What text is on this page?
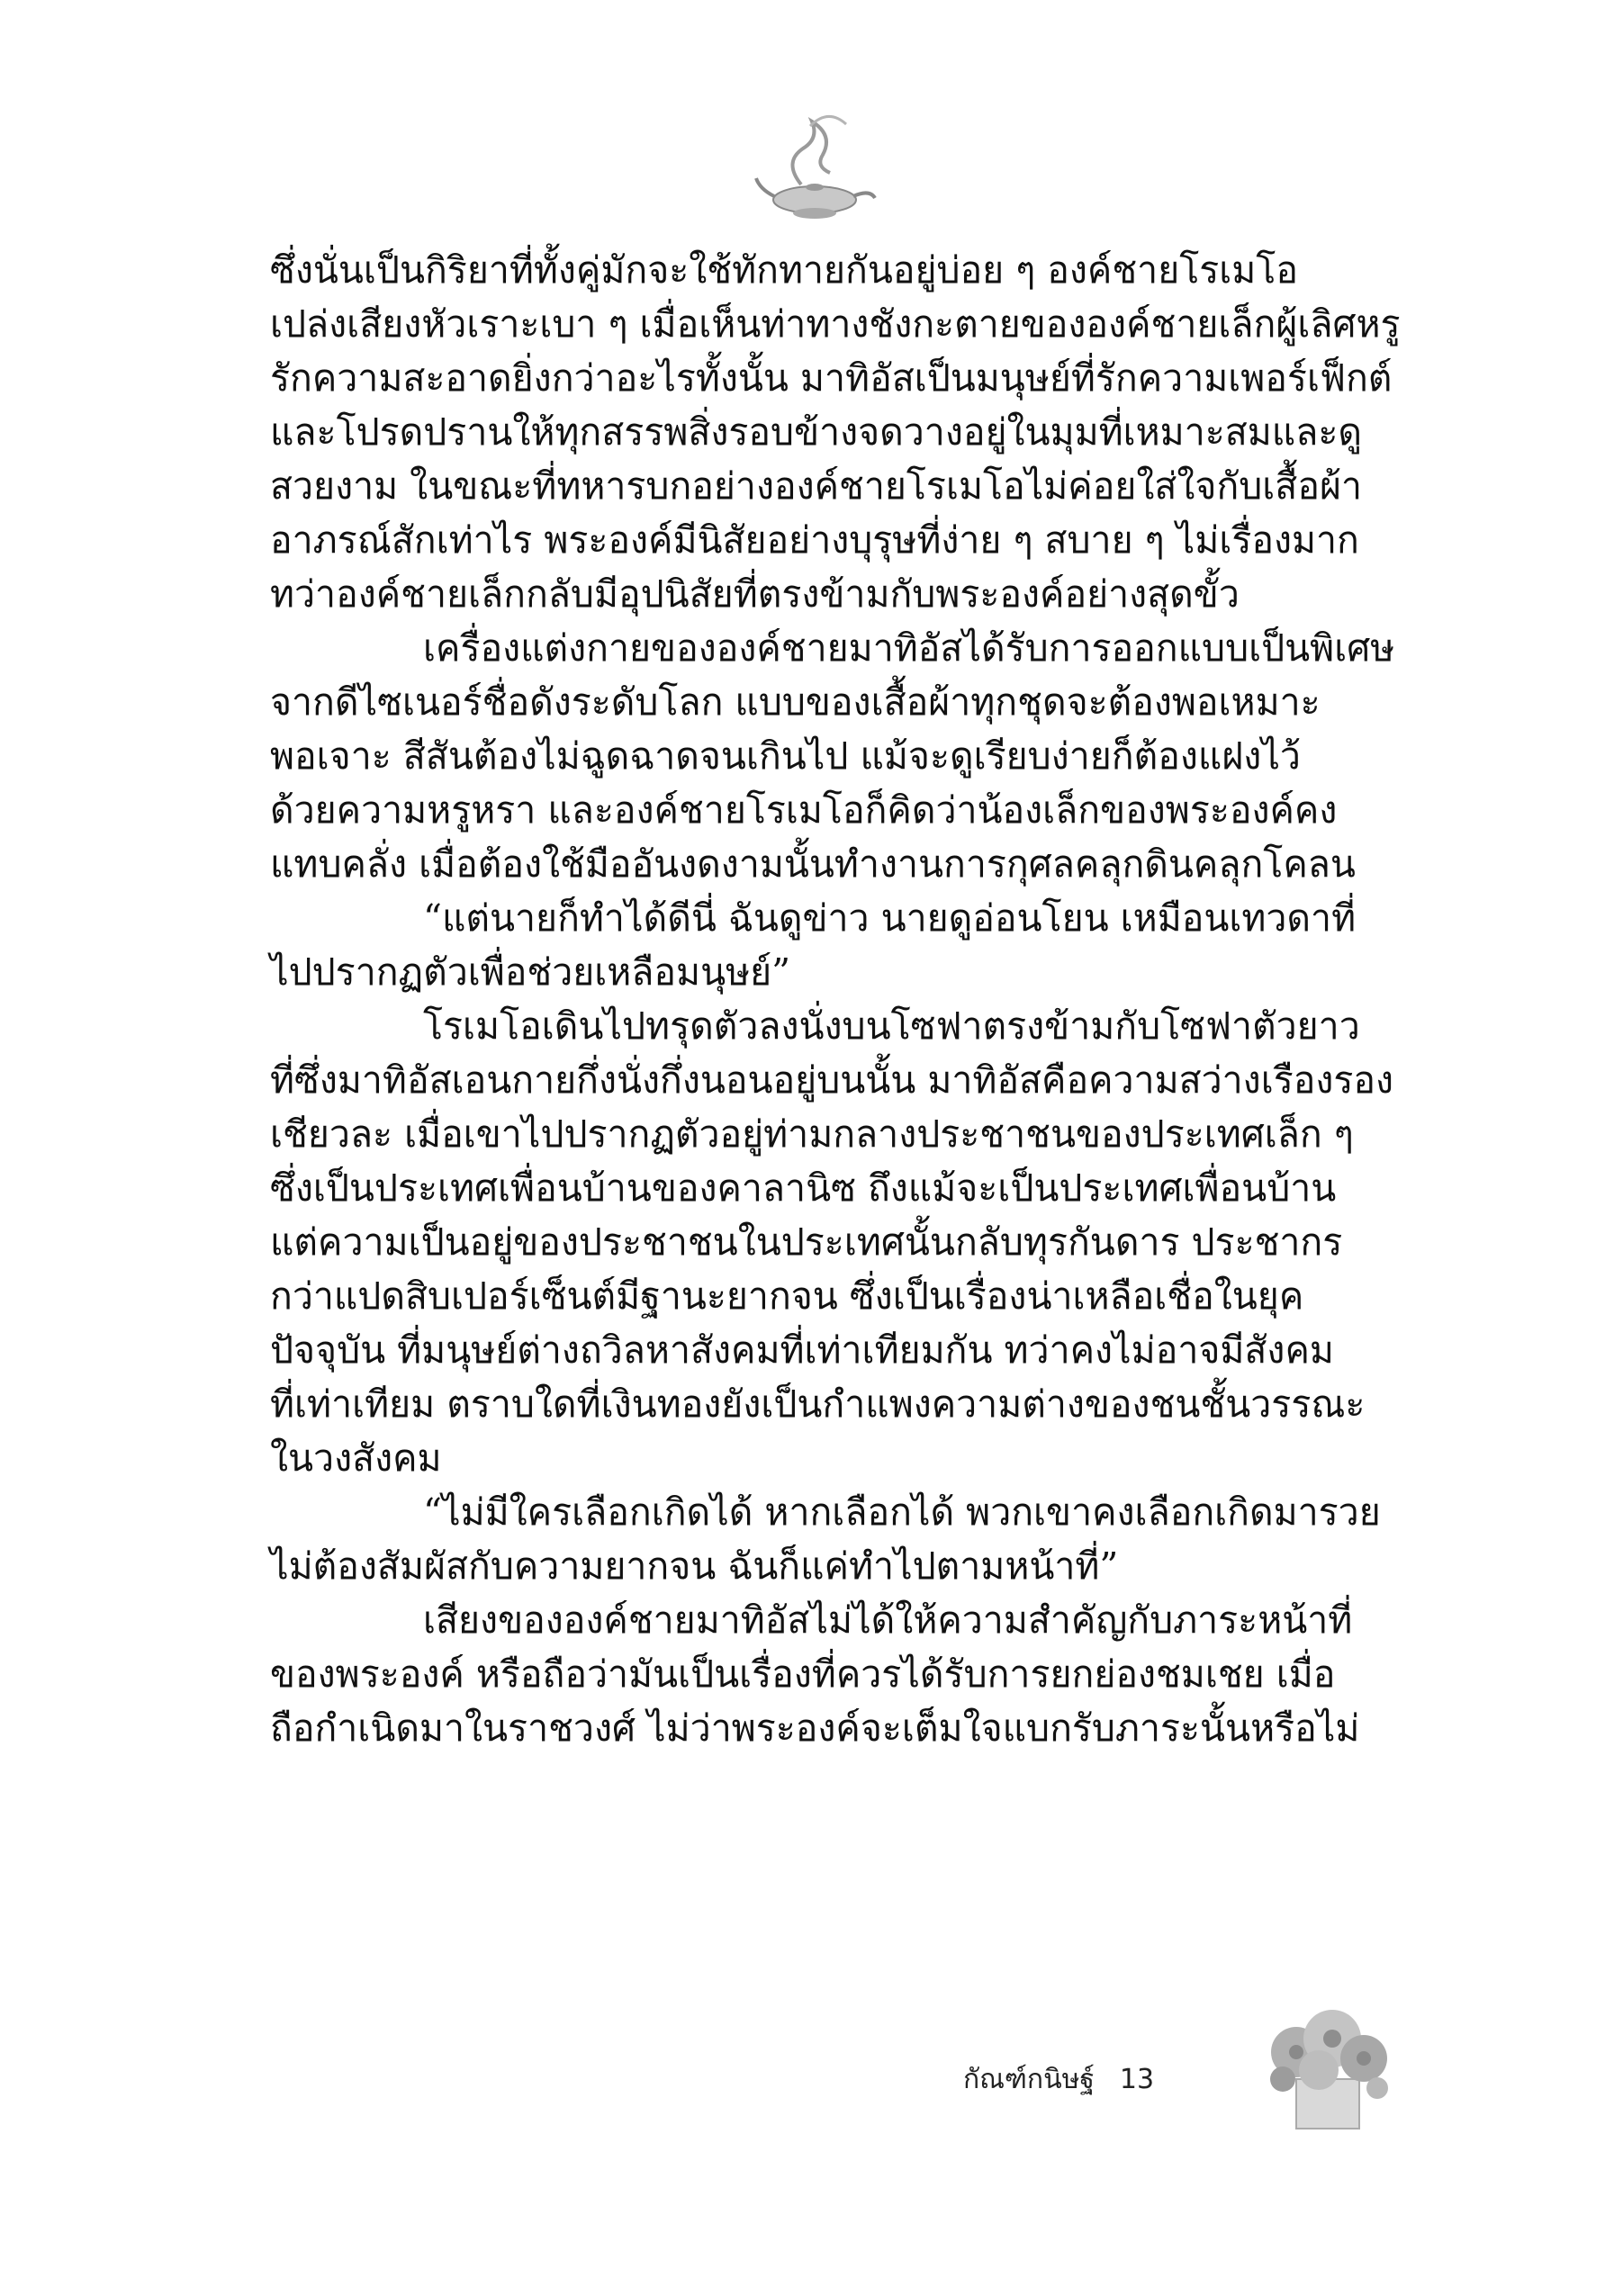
ซึ่งนั่นเป็นกิริยาที่ทั้งคู่มักจะใช้ทักทายกันอยู่บ่อย ๆ องค์ชายโรเมโอ
เปล่งเสียงหัวเราะเบา ๆ เมื่อเห็นท่าทางชังกะตายขององค์ชายเล็กผู้เลิศหรู
รักความสะอาดยิ่งกว่าอะไรทั้งนั้น มาทิอัสเป็นมนุษย์ที่รักความเพอร์เฟ็กต์
และโปรดปรานให้ทุกสรรพสิ่งรอบข้างจดวางอยู่ในมุมที่เหมาะสมและดู
สวยงาม ในขณะที่ทหารบกอย่างองค์ชายโรเมโอไม่ค่อยใส่ใจกับเสื้อผ้า
อาภรณ์สักเท่าไร พระองค์มีนิสัยอย่างบุรุษที่ง่าย ๆ สบาย ๆ ไม่เรื่องมาก
ทว่าองค์ชายเล็กกลับมีอุปนิสัยที่ตรงข้ามกับพระองค์อย่างสุดขั้ว
เครื่องแต่งกายขององค์ชายมาทิอัสได้รับการออกแบบเป็นพิเศษ
จากดีไซเนอร์ชื่อดังระดับโลก แบบของเสื้อผ้าทุกชุดจะต้องพอเหมาะ
พอเจาะ สีสันต้องไม่ฉูดฉาดจนเกินไป แม้จะดูเรียบง่ายก็ต้องแฝงไว้
ด้วยความหรูหรา และองค์ชายโรเมโอก็คิดว่าน้องเล็กของพระองค์คง
แทบคลั่ง เมื่อต้องใช้มืออันงดงามนั้นทำงานการกุศลคลุกดินคลุกโคลน
“แต่นายก็ทำได้ดีนี่ ฉันดูข่าว นายดูอ่อนโยน เหมือนเทวดาที่
ไปปรากฏตัวเพื่อช่วยเหลือมนุษย์”
โรเมโอเดินไปทรุดตัวลงนั่งบนโซฟาตรงข้ามกับโซฟาตัวยาว
ที่ซึ่งมาทิอัสเอนกายกึ่งนั่งกึ่งนอนอยู่บนนั้น มาทิอัสคือความสว่างเรืองรอง
เชียวละ เมื่อเขาไปปรากฏตัวอยู่ท่ามกลางประชาชนของประเทศเล็ก ๆ
ซึ่งเป็นประเทศเพื่อนบ้านของคาลานิซ ถึงแม้จะเป็นประเทศเพื่อนบ้าน
แต่ความเป็นอยู่ของประชาชนในประเทศนั้นกลับทุรกันดาร ประชากร
กว่าแปดสิบเปอร์เซ็นต์มีฐานะยากจน ซึ่งเป็นเรื่องน่าเหลือเชื่อในยุค
ปัจจุบัน ที่มนุษย์ต่างถวิลหาสังคมที่เท่าเทียมกัน ทว่าคงไม่อาจมีสังคม
ที่เท่าเทียม ตราบใดที่เงินทองยังเป็นกำแพงความต่างของชนชั้นวรรณะ
ในวงสังคม
“ไม่มีใครเลือกเกิดได้ หากเลือกได้ พวกเขาคงเลือกเกิดมารวย
ไม่ต้องสัมผัสกับความยากจน ฉันก็แค่ทำไปตามหน้าที่”
เสียงขององค์ชายมาทิอัสไม่ได้ให้ความสำคัญกับภาระหน้าที่
ของพระองค์ หรือถือว่ามันเป็นเรื่องที่ควรได้รับการยกย่องชมเชย เมื่อ
ถือกำเนิดมาในราชวงศ์ ไม่ว่าพระองค์จะเต็มใจแบกรับภาระนั้นหรือไม่
กัณฑ์กนิษฐ์ 13
